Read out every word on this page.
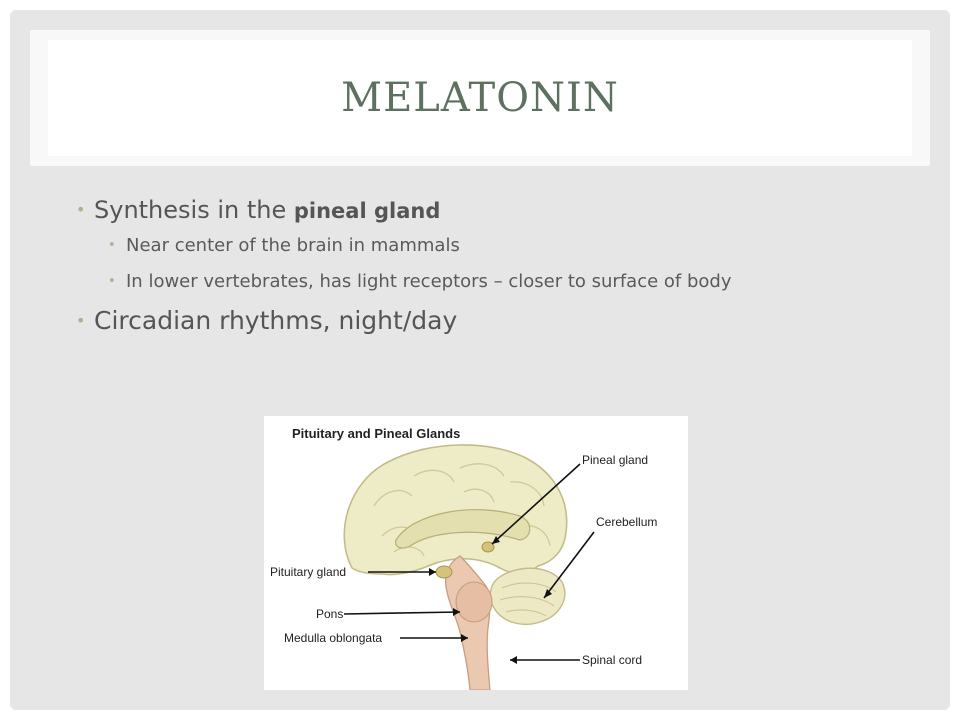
MELATONIN
• Synthesis in the pineal gland
• Near center of the brain in mammals
• In lower vertebrates, has light receptors – closer to surface of body
• Circadian rhythms, night/day
Pituitary and Pineal Glands
Pineal gland
Cerebellum
Pituitary gland
Pons
Medulla oblongata
Spinal cord
